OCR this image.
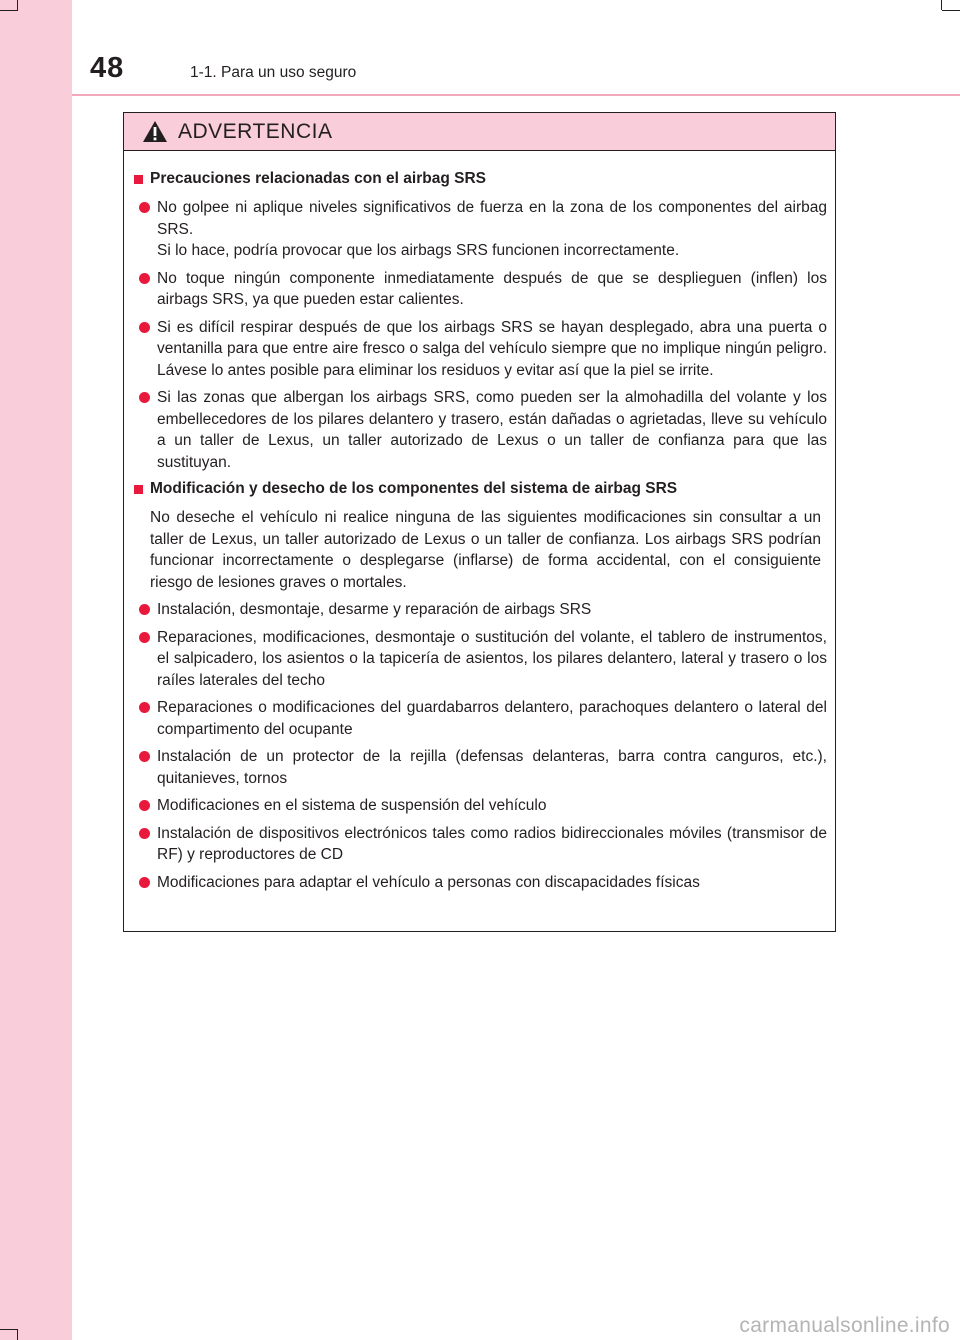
48	1-1. Para un uso seguro
ADVERTENCIA
Precauciones relacionadas con el airbag SRS
No golpee ni aplique niveles significativos de fuerza en la zona de los componentes del airbag SRS.
Si lo hace, podría provocar que los airbags SRS funcionen incorrectamente.
No toque ningún componente inmediatamente después de que se desplieguen (inflen) los airbags SRS, ya que pueden estar calientes.
Si es difícil respirar después de que los airbags SRS se hayan desplegado, abra una puerta o ventanilla para que entre aire fresco o salga del vehículo siempre que no implique ningún peligro. Lávese lo antes posible para eliminar los residuos y evitar así que la piel se irrite.
Si las zonas que albergan los airbags SRS, como pueden ser la almohadilla del volante y los embellecedores de los pilares delantero y trasero, están dañadas o agrietadas, lleve su vehículo a un taller de Lexus, un taller autorizado de Lexus o un taller de confianza para que las sustituyan.
Modificación y desecho de los componentes del sistema de airbag SRS
No deseche el vehículo ni realice ninguna de las siguientes modificaciones sin consultar a un taller de Lexus, un taller autorizado de Lexus o un taller de confianza. Los airbags SRS podrían funcionar incorrectamente o desplegarse (inflarse) de forma accidental, con el consiguiente riesgo de lesiones graves o mortales.
Instalación, desmontaje, desarme y reparación de airbags SRS
Reparaciones, modificaciones, desmontaje o sustitución del volante, el tablero de instrumentos, el salpicadero, los asientos o la tapicería de asientos, los pilares delantero, lateral y trasero o los raíles laterales del techo
Reparaciones o modificaciones del guardabarros delantero, parachoques delantero o lateral del compartimento del ocupante
Instalación de un protector de la rejilla (defensas delanteras, barra contra canguros, etc.), quitanieves, tornos
Modificaciones en el sistema de suspensión del vehículo
Instalación de dispositivos electrónicos tales como radios bidireccionales móviles (transmisor de RF) y reproductores de CD
Modificaciones para adaptar el vehículo a personas con discapacidades físicas
carmanualsonline.info
